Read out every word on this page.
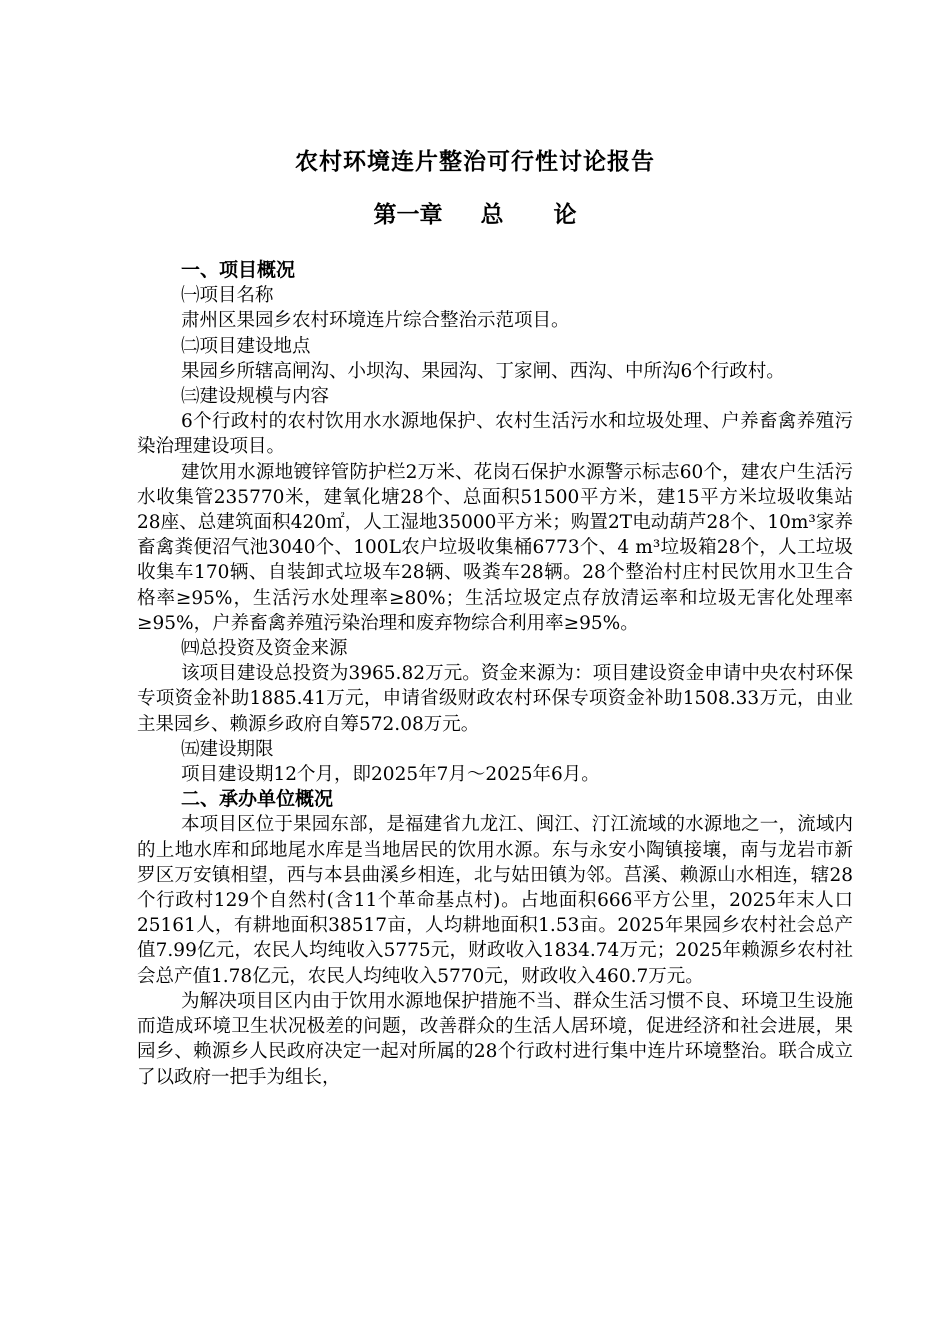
农村环境连片整治可行性讨论报告
第一章 总 论

一、项目概况

㈠项目名称

肃州区果园乡农村环境连片综合整治示范项目。

㈡项目建设地点

果园乡所辖高闸沟、小坝沟、果园沟、丁家闸、西沟、中所沟6个行政村。

㈢建设规模与内容

6个行政村的农村饮用水水源地保护、农村生活污水和垃圾处理、户养畜禽养殖污染治理建设项目。

建饮用水源地镀锌管防护栏2万米、花岗石保护水源警示标志60个，建农户生活污水收集管235770米，建氧化塘28个、总面积51500平方米，建15平方米垃圾收集站28座、总建筑面积420㎡，人工湿地35000平方米；购置2T电动葫芦28个、10m³家养畜禽粪便沼气池3040个、100L农户垃圾收集桶6773个、4 m³垃圾箱28个，人工垃圾收集车170辆、自装卸式垃圾车28辆、吸粪车28辆。28个整治村庄村民饮用水卫生合格率≥95%，生活污水处理率≥80%；生活垃圾定点存放清运率和垃圾无害化处理率≥95%，户养畜禽养殖污染治理和废弃物综合利用率≥95%。

㈣总投资及资金来源

该项目建设总投资为3965.82万元。资金来源为：项目建设资金申请中央农村环保专项资金补助1885.41万元，申请省级财政农村环保专项资金补助1508.33万元，由业主果园乡、赖源乡政府自筹572.08万元。

㈤建设期限

项目建设期12个月，即2025年7月～2025年6月。

二、承办单位概况

本项目区位于果园东部，是福建省九龙江、闽江、汀江流域的水源地之一，流域内的上地水库和邱地尾水库是当地居民的饮用水源。东与永安小陶镇接壤，南与龙岩市新罗区万安镇相望，西与本县曲溪乡相连，北与姑田镇为邻。莒溪、赖源山水相连，辖28个行政村129个自然村(含11个革命基点村)。占地面积666平方公里，2025年末人口25161人，有耕地面积38517亩，人均耕地面积1.53亩。2025年果园乡农村社会总产值7.99亿元，农民人均纯收入5775元，财政收入1834.74万元；2025年赖源乡农村社会总产值1.78亿元，农民人均纯收入5770元，财政收入460.7万元。

为解决项目区内由于饮用水源地保护措施不当、群众生活习惯不良、环境卫生设施而造成环境卫生状况极差的问题，改善群众的生活人居环境，促进经济和社会进展，果园乡、赖源乡人民政府决定一起对所属的28个行政村进行集中连片环境整治。联合成立了以政府一把手为组长，
